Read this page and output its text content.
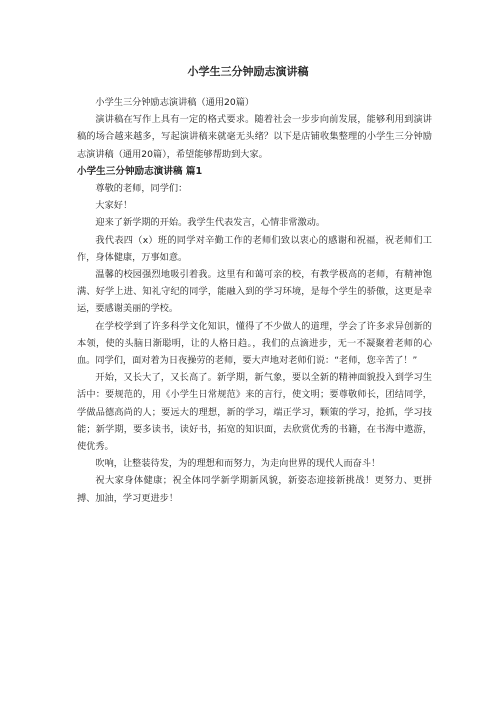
小学生三分钟励志演讲稿

小学生三分钟励志演讲稿（通用20篇）

演讲稿在写作上具有一定的格式要求。随着社会一步步向前发展，能够利用到演讲稿的场合越来越多，写起演讲稿来就毫无头绪？以下是店铺收集整理的小学生三分钟励志演讲稿（通用20篇），希望能够帮助到大家。

小学生三分钟励志演讲稿 篇1

尊敬的老师，同学们：

大家好！

迎来了新学期的开始。我学生代表发言，心情非常激动。

我代表四（x）班的同学对辛勤工作的老师们致以衷心的感谢和祝福，祝老师们工作，身体健康，万事如意。

温馨的校园强烈地吸引着我。这里有和蔼可亲的校，有教学极高的老师，有精神饱满、好学上进、知礼守纪的同学，能融入到的学习环境，是每个学生的骄傲，这更是幸运，要感谢美丽的学校。

在学校学到了许多科学文化知识，懂得了不少做人的道理，学会了许多求异创新的本领，使的头脑日渐聪明，让的人格日趋。，我们的点滴进步，无一不凝聚着老师的心血。同学们，面对着为日夜操劳的老师，要大声地对老师们说：“老师，您辛苦了！”

开始，又长大了，又长高了。新学期，新气象，要以全新的精神面貌投入到学习生活中：要规范的，用《小学生日常规范》来的言行，使文明；要尊敬师长，团结同学，学做品德高尚的人；要远大的理想，新的学习，端正学习，颗策的学习，抢抓，学习技能；新学期，要多读书，读好书，拓宽的知识面，去欣赏优秀的书籍，在书海中遨游，使优秀。

吹响，让整装待发，为的理想和而努力，为走向世界的现代人而奋斗！

祝大家身体健康；祝全体同学新学期新风貌，新姿态迎接新挑战！更努力、更拼搏、加油，学习更进步！
